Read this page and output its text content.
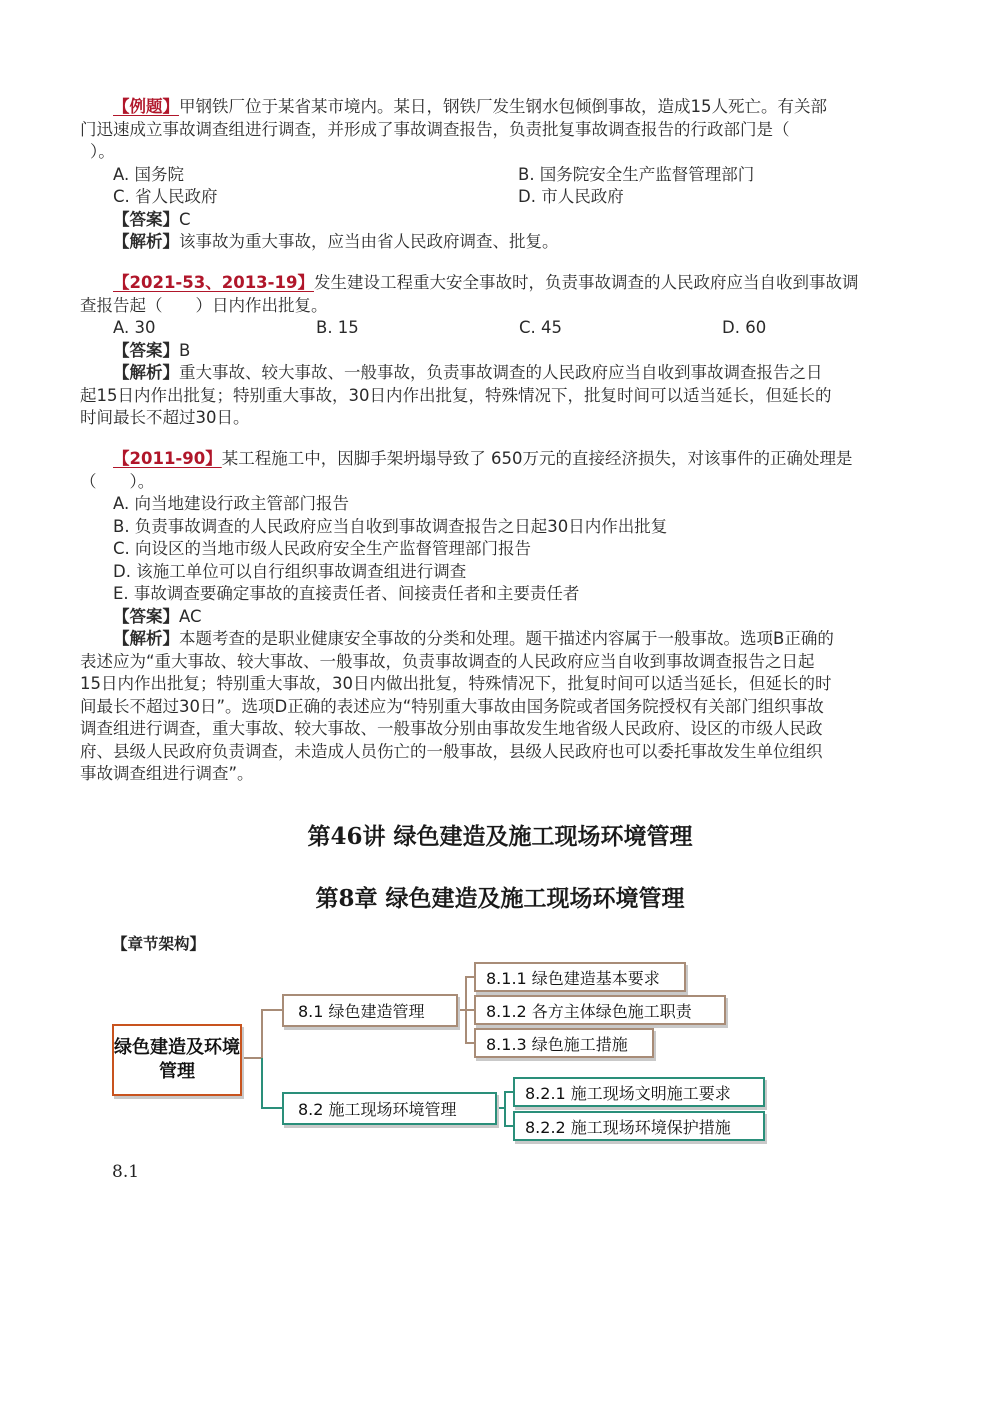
【例题】甲钢铁厂位于某省某市境内。某日，钢铁厂发生钢水包倾倒事故，造成15人死亡。有关部

门迅速成立事故调查组进行调查，并形成了事故调查报告，负责批复事故调查报告的行政部门是（

）。

A. 国务院	B. 国务院安全生产监督管理部门
C. 省人民政府	D. 市人民政府

【答案】C

【解析】该事故为重大事故，应当由省人民政府调查、批复。

【2021-53、2013-19】发生建设工程重大安全事故时，负责事故调查的人民政府应当自收到事故调

查报告起（　　）日内作出批复。

A. 30	B. 15	C. 45	D. 60

【答案】B

【解析】重大事故、较大事故、一般事故，负责事故调查的人民政府应当自收到事故调查报告之日

起15日内作出批复；特别重大事故，30日内作出批复，特殊情况下，批复时间可以适当延长，但延长的

时间最长不超过30日。

【2011-90】某工程施工中，因脚手架坍塌导致了 650万元的直接经济损失，对该事件的正确处理是

（　　）。

A. 向当地建设行政主管部门报告

B. 负责事故调查的人民政府应当自收到事故调查报告之日起30日内作出批复

C. 向设区的当地市级人民政府安全生产监督管理部门报告

D. 该施工单位可以自行组织事故调查组进行调查

E. 事故调查要确定事故的直接责任者、间接责任者和主要责任者

【答案】AC

【解析】本题考查的是职业健康安全事故的分类和处理。题干描述内容属于一般事故。选项B正确的

表述应为“重大事故、较大事故、一般事故，负责事故调查的人民政府应当自收到事故调查报告之日起

15日内作出批复；特别重大事故，30日内做出批复，特殊情况下，批复时间可以适当延长，但延长的时

间最长不超过30日”。选项D正确的表述应为“特别重大事故由国务院或者国务院授权有关部门组织事故

调查组进行调查，重大事故、较大事故、一般事故分别由事故发生地省级人民政府、设区的市级人民政

府、县级人民政府负责调查，未造成人员伤亡的一般事故，县级人民政府也可以委托事故发生单位组织

事故调查组进行调查”。

第46讲 绿色建造及施工现场环境管理
第8章 绿色建造及施工现场环境管理
【章节架构】
绿色建造及环境管理
8.1 绿色建造管理
8.1.1 绿色建造基本要求
8.1.2 各方主体绿色施工职责
8.1.3 绿色施工措施
8.2 施工现场环境管理
8.2.1 施工现场文明施工要求
8.2.2 施工现场环境保护措施
8.1
